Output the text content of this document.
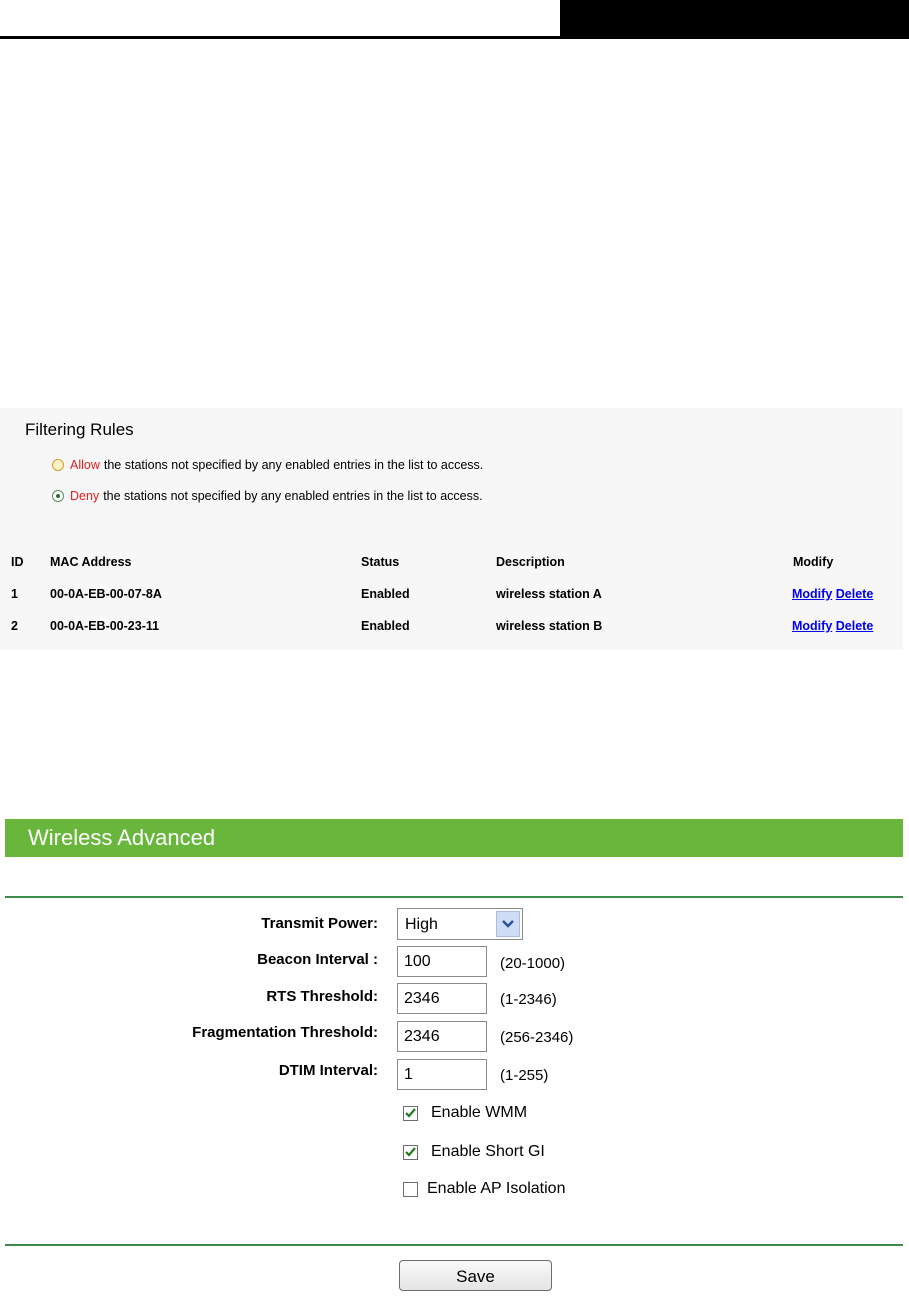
Filtering Rules
Allow the stations not specified by any enabled entries in the list to access.
Deny the stations not specified by any enabled entries in the list to access.
ID MAC Address	Status	Description	Modify
1	00-0A-EB-00-07-8A	Enabled	wireless station A	Modify Delete
2	00-0A-EB-00-23-11	Enabled	wireless station B	Modify Delete
Wireless Advanced
Transmit Power: High
Beacon Interval :
100	(20-1000)
RTS Threshold:
2346	(1-2346)
Fragmentation Threshold:
2346	(256-2346)
DTIM Interval:
1	(1-255)
Enable WMM
Enable Short GI
Enable AP Isolation
Save
